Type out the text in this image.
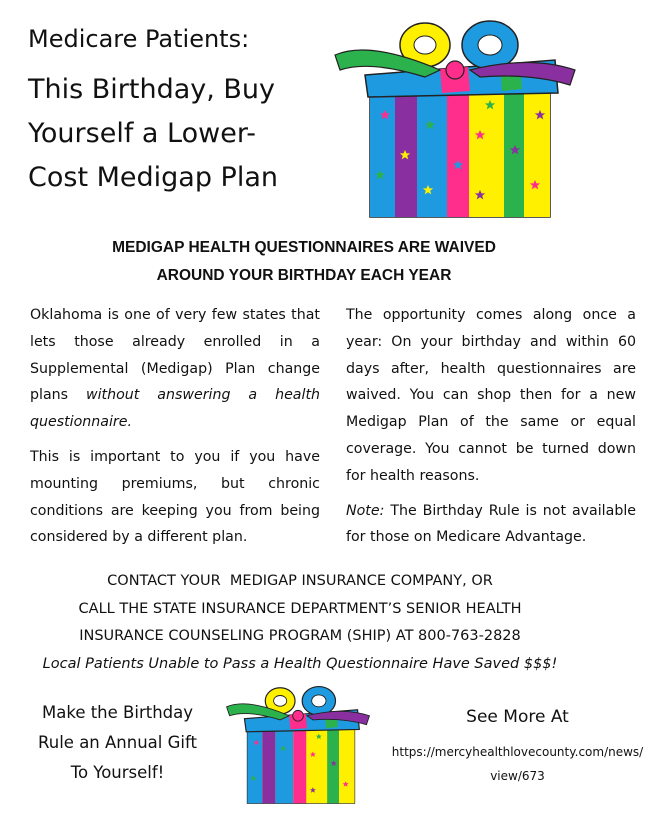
Medicare Patients:

This Birthday, Buy

Yourself a Lower-

Cost Medigap Plan

MEDIGAP HEALTH QUESTIONNAIRES ARE WAIVED
AROUND YOUR BIRTHDAY EACH YEAR

Oklahoma is one of very few states that lets those already enrolled in a Supplemental (Medigap) Plan change plans without answering a health questionnaire.

This is important to you if you have mounting premiums, but chronic conditions are keeping you from being considered by a different plan.

The opportunity comes along once a year: On your birthday and within 60 days after, health questionnaires are waived. You can shop then for a new Medigap Plan of the same or equal coverage. You cannot be turned down for health reasons.

Note: The Birthday Rule is not available for those on Medicare Advantage.

CONTACT YOUR  MEDIGAP INSURANCE COMPANY, OR
CALL THE STATE INSURANCE DEPARTMENT’S SENIOR HEALTH
INSURANCE COUNSELING PROGRAM (SHIP) AT 800-763-2828
Local Patients Unable to Pass a Health Questionnaire Have Saved $$$!
Make the Birthday
Rule an Annual Gift
To Yourself!
See More At
https://mercyhealthlovecounty.com/news/
view/673
